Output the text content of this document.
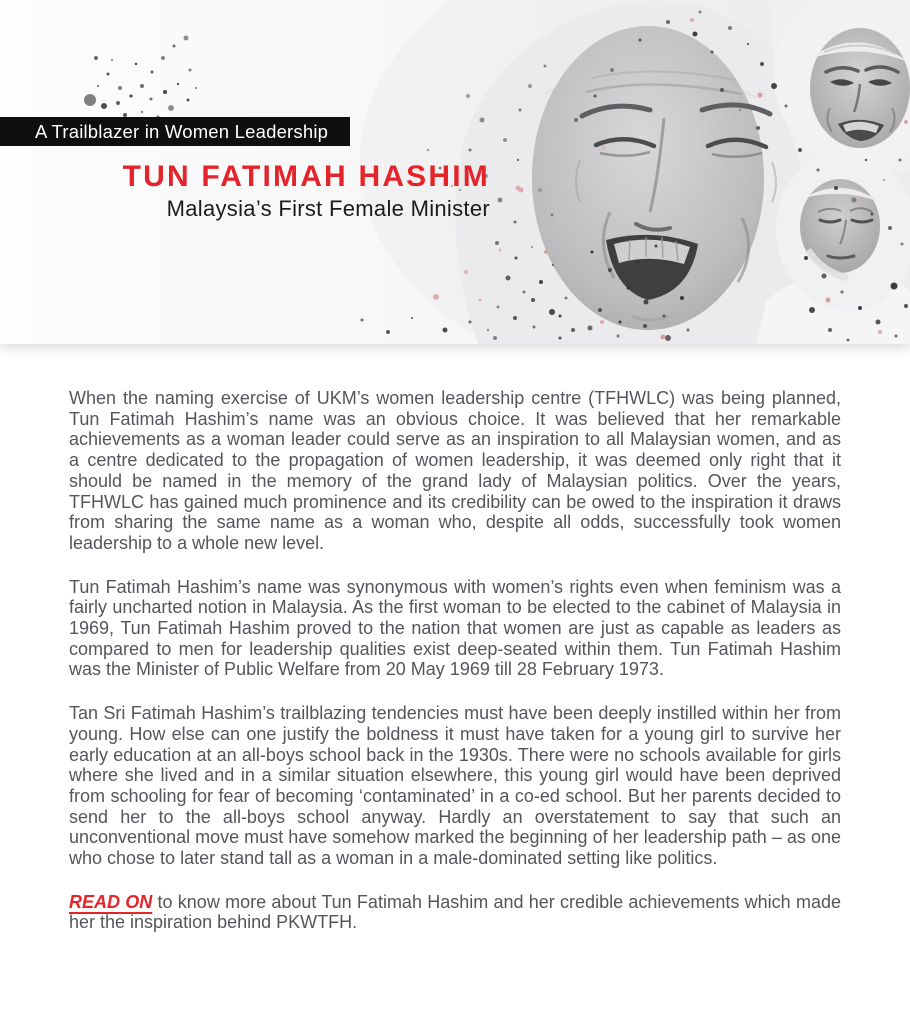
A Trailblazer in Women Leadership
TUN FATIMAH HASHIM
Malaysia’s First Female Minister

When the naming exercise of UKM’s women leadership centre (TFHWLC) was being planned, Tun Fatimah Hashim’s name was an obvious choice. It was believed that her remarkable achievements as a woman leader could serve as an inspiration to all Malaysian women, and as a centre dedicated to the propagation of women leadership, it was deemed only right that it should be named in the memory of the grand lady of Malaysian politics. Over the years, TFHWLC has gained much prominence and its credibility can be owed to the inspiration it draws from sharing the same name as a woman who, despite all odds, successfully took women leadership to a whole new level.

Tun Fatimah Hashim’s name was synonymous with women’s rights even when feminism was a fairly uncharted notion in Malaysia. As the first woman to be elected to the cabinet of Malaysia in 1969, Tun Fatimah Hashim proved to the nation that women are just as capable as leaders as compared to men for leadership qualities exist deep-seated within them. Tun Fatimah Hashim was the Minister of Public Welfare from 20 May 1969 till 28 February 1973.

Tan Sri Fatimah Hashim’s trailblazing tendencies must have been deeply instilled within her from young. How else can one justify the boldness it must have taken for a young girl to survive her early education at an all-boys school back in the 1930s. There were no schools available for girls where she lived and in a similar situation elsewhere, this young girl would have been deprived from schooling for fear of becoming ‘contaminated’ in a co-ed school. But her parents decided to send her to the all-boys school anyway. Hardly an overstatement to say that such an unconventional move must have somehow marked the beginning of her leadership path – as one who chose to later stand tall as a woman in a male-dominated setting like politics.

READ ON to know more about Tun Fatimah Hashim and her credible achievements which made her the inspiration behind PKWTFH.
